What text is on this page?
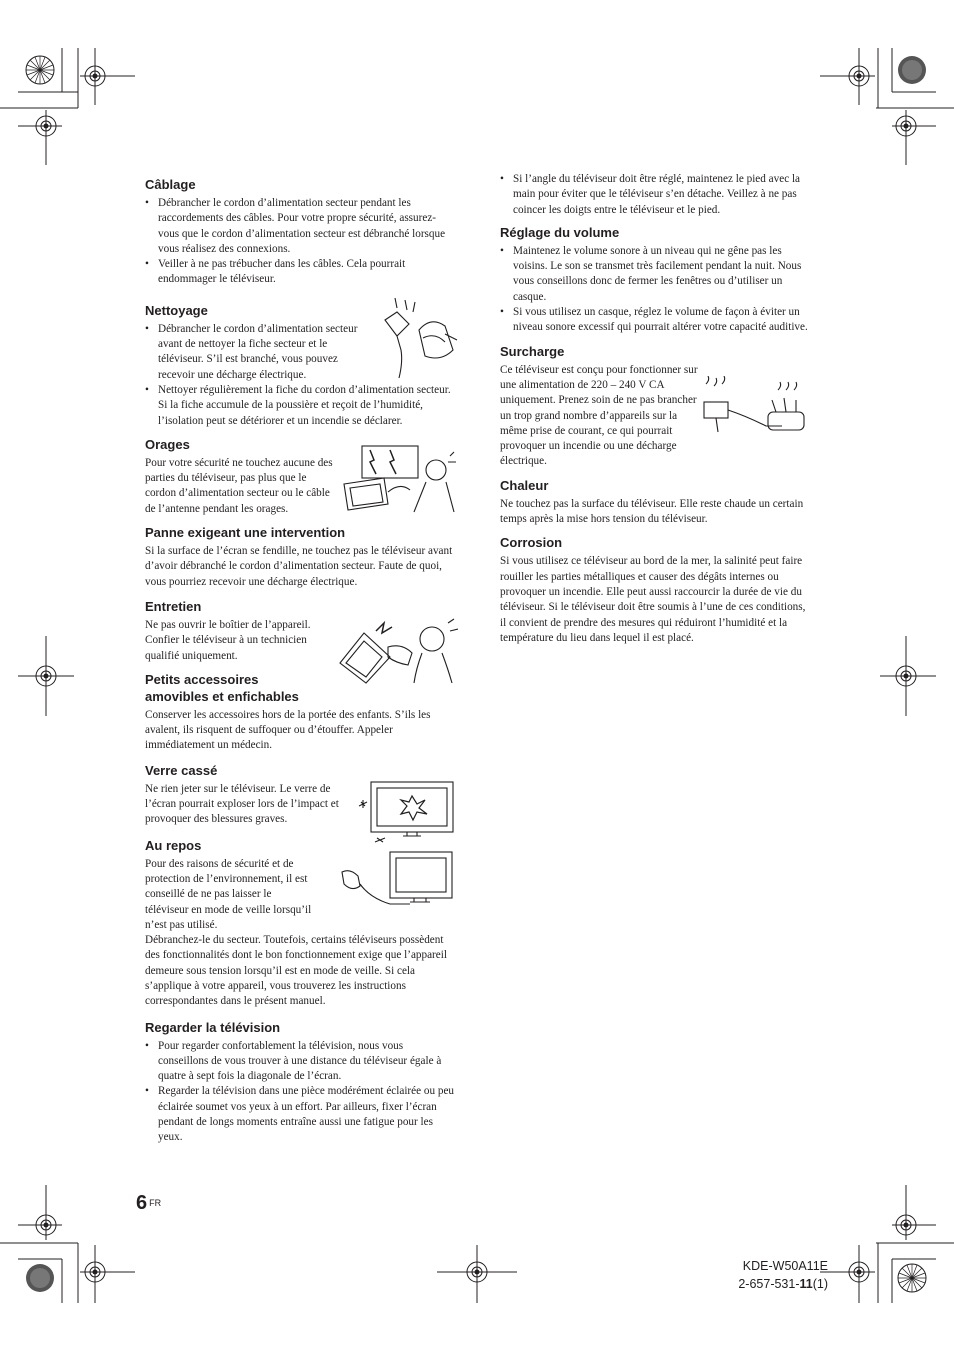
Câblage
• Débrancher le cordon d’alimentation secteur pendant les raccordements des câbles. Pour votre propre sécurité, assurez-vous que le cordon d’alimentation secteur est débranché lorsque vous réalisez des connexions.
• Veiller à ne pas trébucher dans les câbles. Cela pourrait endommager le téléviseur.
Nettoyage
• Débrancher le cordon d’alimentation secteur avant de nettoyer la fiche secteur et le téléviseur. S’il est branché, vous pouvez recevoir une décharge électrique.
• Nettoyer régulièrement la fiche du cordon d’alimentation secteur. Si la fiche accumule de la poussière et reçoit de l’humidité, l’isolation peut se détériorer et un incendie se déclarer.
Orages

Pour votre sécurité ne touchez aucune des parties du téléviseur, pas plus que le cordon d’alimentation secteur ou le câble de l’antenne pendant les orages.

Panne exigeant une intervention

Si la surface de l’écran se fendille, ne touchez pas le téléviseur avant d’avoir débranché le cordon d’alimentation secteur. Faute de quoi, vous pourriez recevoir une décharge électrique.

Entretien

Ne pas ouvrir le boîtier de l’appareil. Confier le téléviseur à un technicien qualifié uniquement.

Petits accessoires
amovibles et enfichables

Conserver les accessoires hors de la portée des enfants. S’ils les avalent, ils risquent de suffoquer ou d’étouffer. Appeler immédiatement un médecin.

Verre cassé

Ne rien jeter sur le téléviseur. Le verre de l’écran pourrait exploser lors de l’impact et provoquer des blessures graves.

Au repos

Pour des raisons de sécurité et de protection de l’environnement, il est conseillé de ne pas laisser le téléviseur en mode de veille lorsqu’il n’est pas utilisé.

Débranchez-le du secteur. Toutefois, certains téléviseurs possèdent des fonctionnalités dont le bon fonctionnement exige que l’appareil demeure sous tension lorsqu’il est en mode de veille. Si cela s’applique à votre appareil, vous trouverez les instructions correspondantes dans le présent manuel.

Regarder la télévision
• Pour regarder confortablement la télévision, nous vous conseillons de vous trouver à une distance du téléviseur égale à quatre à sept fois la diagonale de l’écran.
• Regarder la télévision dans une pièce modérément éclairée ou peu éclairée soumet vos yeux à un effort. Par ailleurs, fixer l’écran pendant de longs moments entraîne aussi une fatigue pour les yeux.
• Si l’angle du téléviseur doit être réglé, maintenez le pied avec la main pour éviter que le téléviseur s’en détache. Veillez à ne pas coincer les doigts entre le téléviseur et le pied.
Réglage du volume
• Maintenez le volume sonore à un niveau qui ne gêne pas les voisins. Le son se transmet très facilement pendant la nuit. Nous vous conseillons donc de fermer les fenêtres ou d’utiliser un casque.
• Si vous utilisez un casque, réglez le volume de façon à éviter un niveau sonore excessif qui pourrait altérer votre capacité auditive.
Surcharge

Ce téléviseur est conçu pour fonctionner sur une alimentation de 220 – 240 V CA uniquement. Prenez soin de ne pas brancher un trop grand nombre d’appareils sur la même prise de courant, ce qui pourrait provoquer un incendie ou une décharge électrique.

Chaleur

Ne touchez pas la surface du téléviseur. Elle reste chaude un certain temps après la mise hors tension du téléviseur.

Corrosion

Si vous utilisez ce téléviseur au bord de la mer, la salinité peut faire rouiller les parties métalliques et causer des dégâts internes ou provoquer un incendie. Elle peut aussi raccourcir la durée de vie du téléviseur. Si le téléviseur doit être soumis à l’une de ces conditions, il convient de prendre des mesures qui réduiront l’humidité et la température du lieu dans lequel il est placé.

6 $^{FR}$
KDE-W50A11E
2-657-531-11(1)
